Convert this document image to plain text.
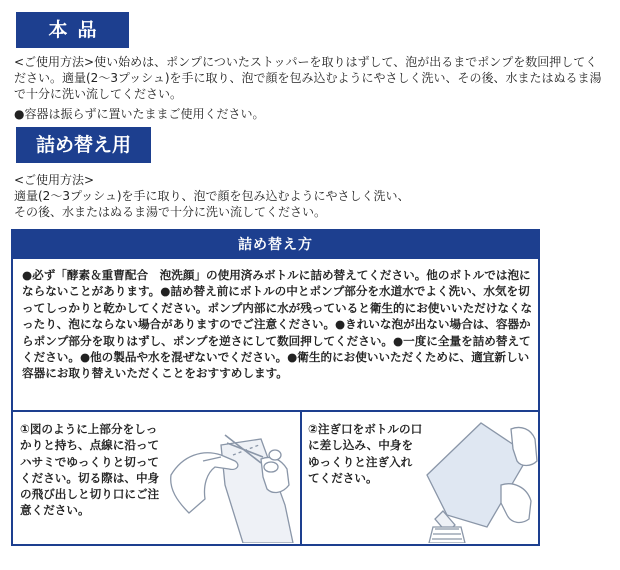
本品
<ご使用方法>使い始めは、ポンプについたストッパーを取りはずして、泡が出るまでポンプを数回押してください。適量(2〜3プッシュ)を手に取り、泡で顔を包み込むようにやさしく洗い、その後、水またはぬるま湯で十分に洗い流してください。
●容器は振らずに置いたままご使用ください。
詰め替え用
<ご使用方法>
適量(2〜3プッシュ)を手に取り、泡で顔を包み込むようにやさしく洗い、
その後、水またはぬるま湯で十分に洗い流してください。
詰め替え方
●必ず「酵素＆重曹配合　泡洗顔」の使用済みボトルに詰め替えてください。他のボトルでは泡にならないことがあります。●詰め替え前にボトルの中とポンプ部分を水道水でよく洗い、水気を切ってしっかりと乾かしてください。ポンプ内部に水が残っていると衛生的にお使いいただけなくなったり、泡にならない場合がありますのでご注意ください。●きれいな泡が出ない場合は、容器からポンプ部分を取りはずし、ポンプを逆さにして数回押してください。●一度に全量を詰め替えてください。●他の製品や水を混ぜないでください。●衛生的にお使いいただくために、適宜新しい容器にお取り替えいただくことをおすすめします。
①図のように上部分をしっかりと持ち、点線に沿ってハサミでゆっくりと切ってください。切る際は、中身の飛び出しと切り口にご注意ください。
②注ぎ口をボトルの口に差し込み、中身をゆっくりと注ぎ入れてください。
